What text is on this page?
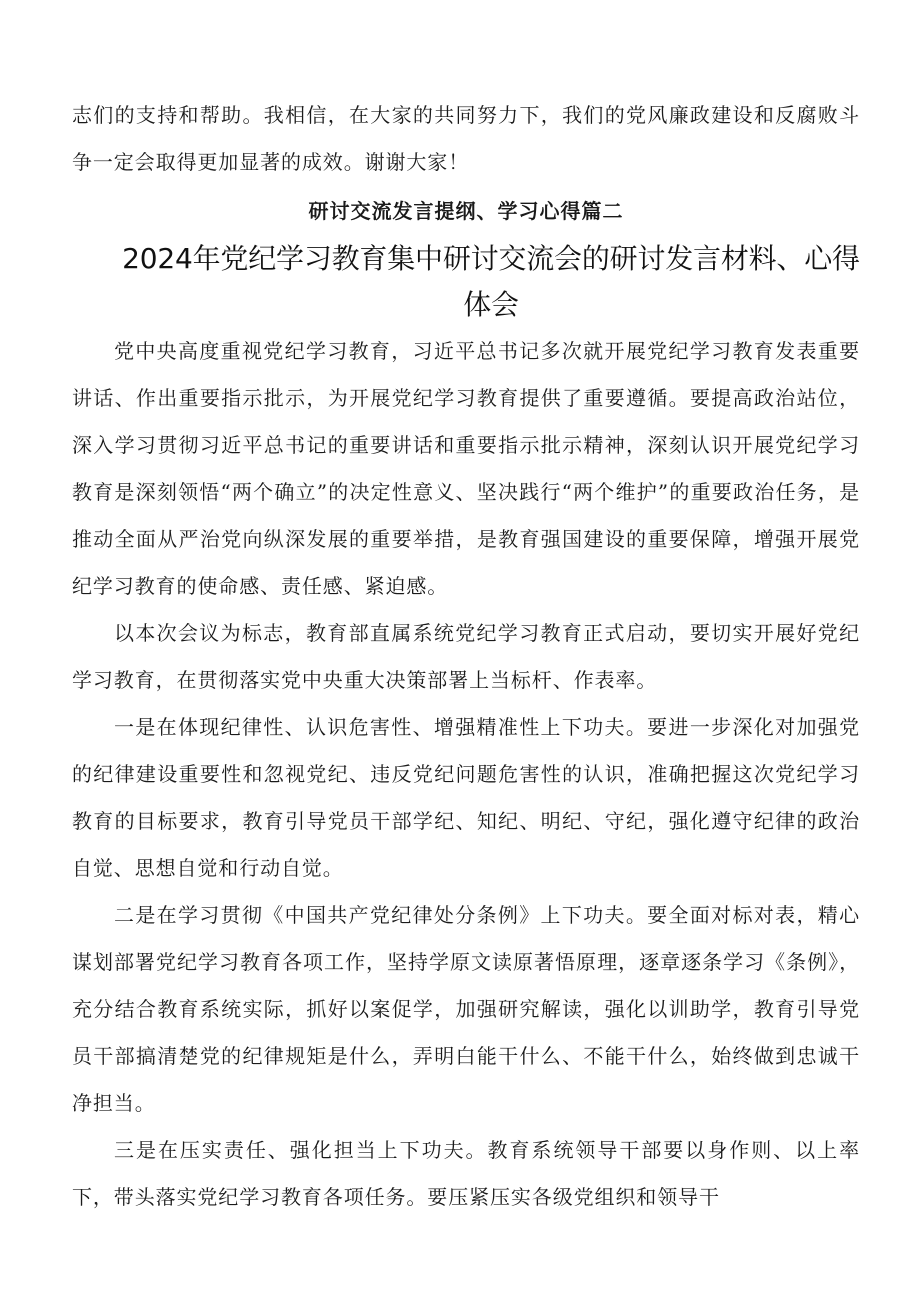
志们的支持和帮助。我相信，在大家的共同努力下，我们的党风廉政建设和反腐败斗争一定会取得更加显著的成效。谢谢大家！

研讨交流发言提纲、学习心得篇二
2024年党纪学习教育集中研讨交流会的研讨发言材料、心得体会

党中央高度重视党纪学习教育，习近平总书记多次就开展党纪学习教育发表重要讲话、作出重要指示批示，为开展党纪学习教育提供了重要遵循。要提高政治站位，深入学习贯彻习近平总书记的重要讲话和重要指示批示精神，深刻认识开展党纪学习教育是深刻领悟“两个确立”的决定性意义、坚决践行“两个维护”的重要政治任务，是推动全面从严治党向纵深发展的重要举措，是教育强国建设的重要保障，增强开展党纪学习教育的使命感、责任感、紧迫感。

以本次会议为标志，教育部直属系统党纪学习教育正式启动，要切实开展好党纪学习教育，在贯彻落实党中央重大决策部署上当标杆、作表率。

一是在体现纪律性、认识危害性、增强精准性上下功夫。要进一步深化对加强党的纪律建设重要性和忽视党纪、违反党纪问题危害性的认识，准确把握这次党纪学习教育的目标要求，教育引导党员干部学纪、知纪、明纪、守纪，强化遵守纪律的政治自觉、思想自觉和行动自觉。

二是在学习贯彻《中国共产党纪律处分条例》上下功夫。要全面对标对表，精心谋划部署党纪学习教育各项工作，坚持学原文读原著悟原理，逐章逐条学习《条例》，充分结合教育系统实际，抓好以案促学，加强研究解读，强化以训助学，教育引导党员干部搞清楚党的纪律规矩是什么，弄明白能干什么、不能干什么，始终做到忠诚干净担当。

三是在压实责任、强化担当上下功夫。教育系统领导干部要以身作则、以上率下，带头落实党纪学习教育各项任务。要压紧压实各级党组织和领导干
